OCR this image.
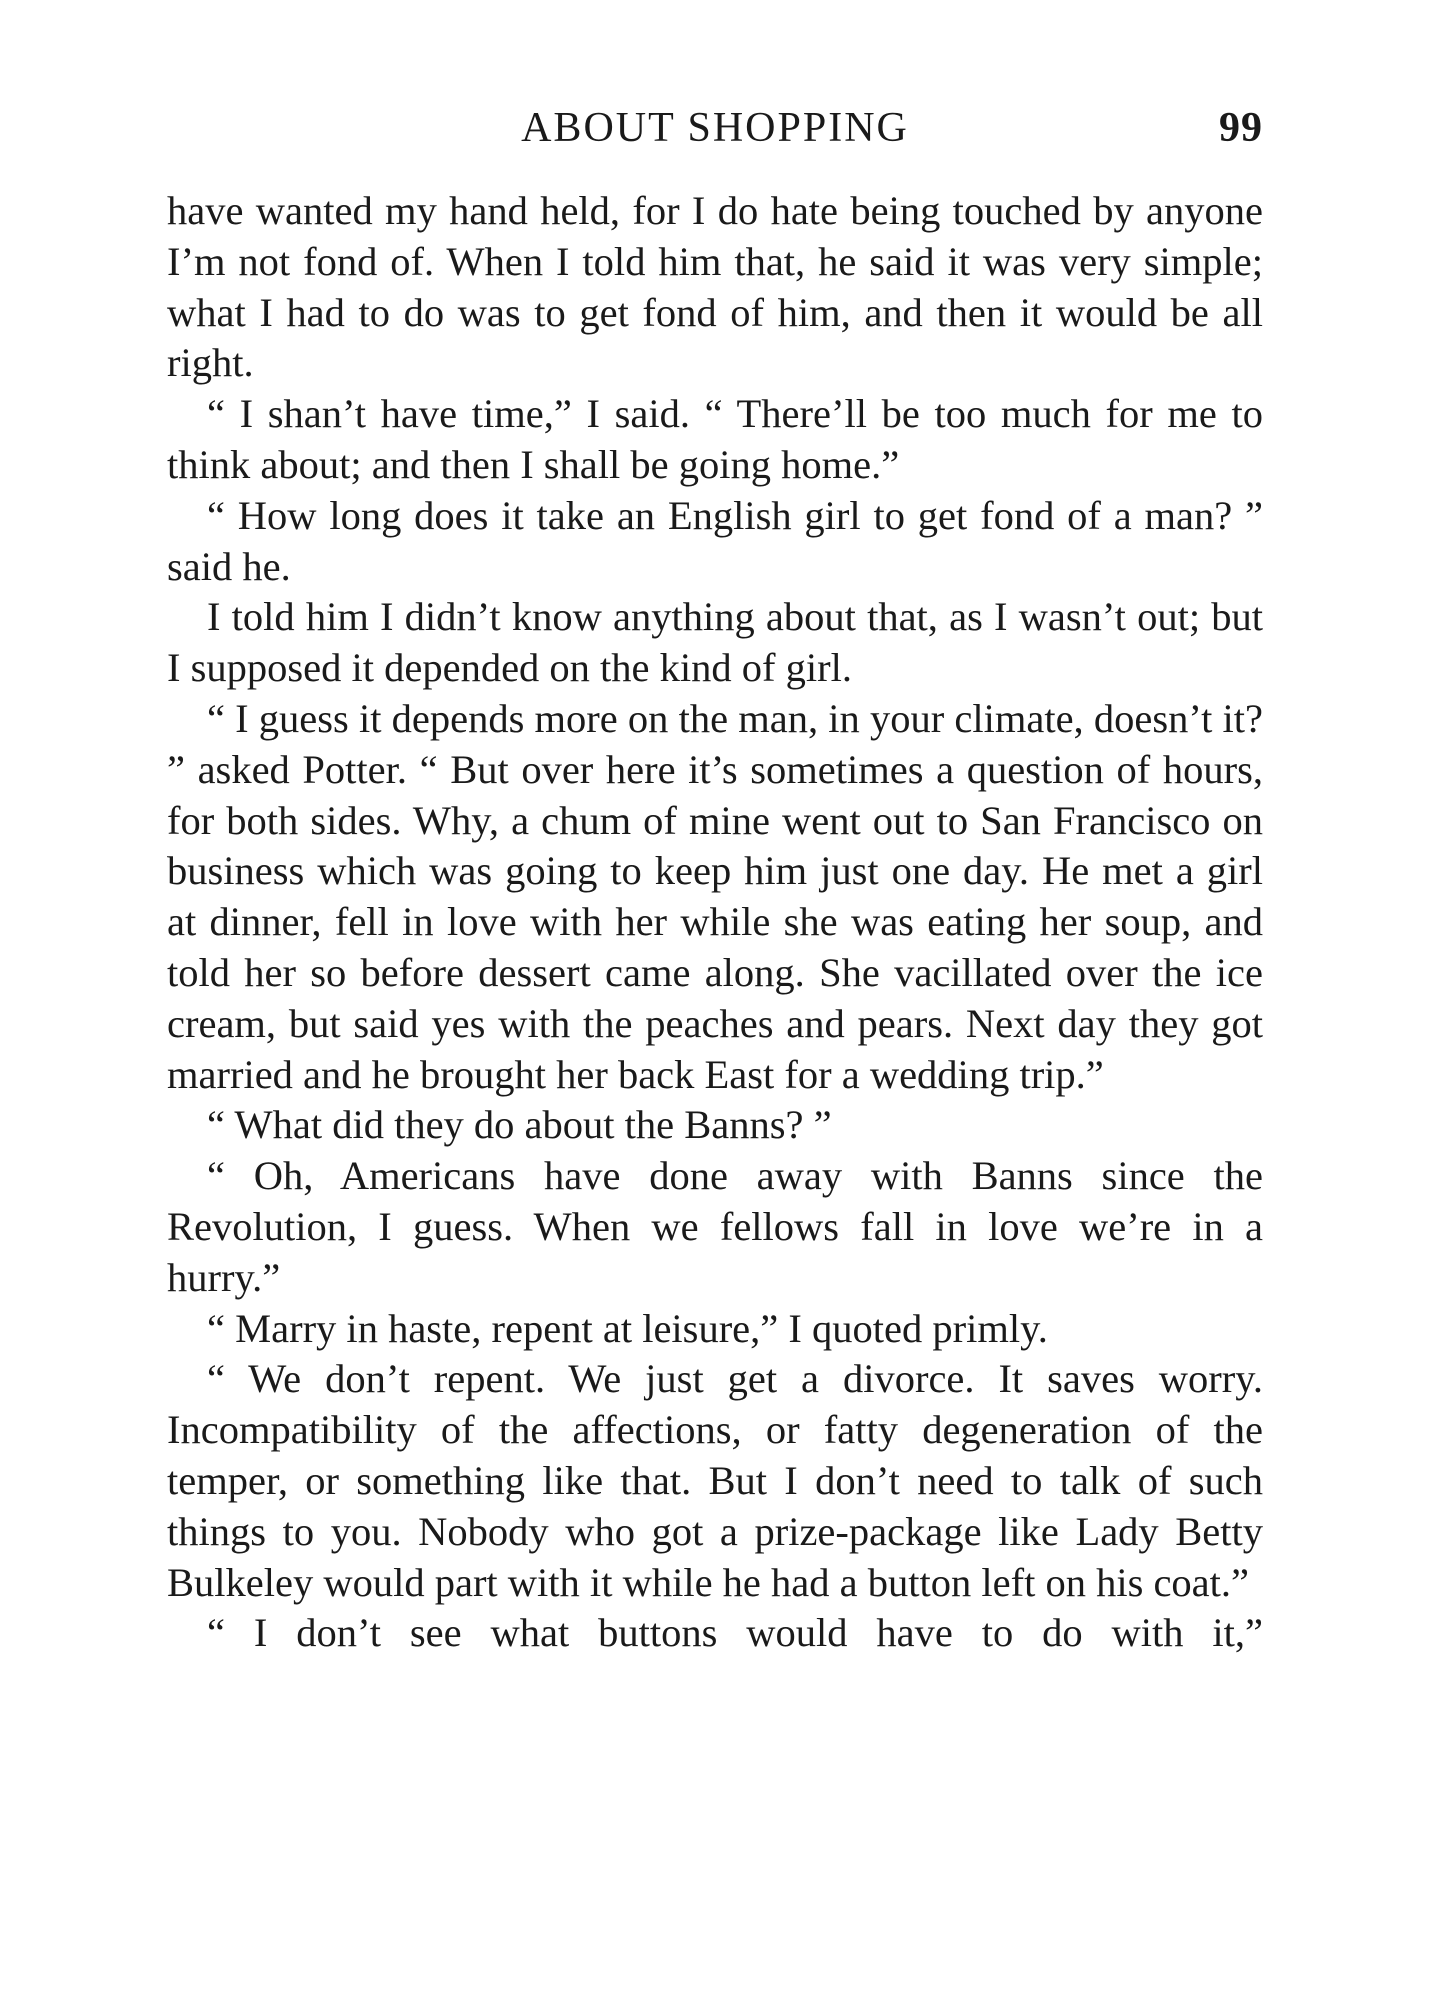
ABOUT SHOPPING	99

have wanted my hand held, for I do hate being touched by anyone I’m not fond of. When I told him that, he said it was very simple; what I had to do was to get fond of him, and then it would be all right.

“ I shan’t have time,” I said. “ There’ll be too much for me to think about; and then I shall be going home.”

“ How long does it take an English girl to get fond of a man? ” said he.

I told him I didn’t know anything about that, as I wasn’t out; but I supposed it depended on the kind of girl.

“ I guess it depends more on the man, in your climate, doesn’t it? ” asked Potter. “ But over here it’s sometimes a question of hours, for both sides. Why, a chum of mine went out to San Francisco on business which was going to keep him just one day. He met a girl at dinner, fell in love with her while she was eating her soup, and told her so before dessert came along. She vacillated over the ice cream, but said yes with the peaches and pears. Next day they got married and he brought her back East for a wedding trip.”

“ What did they do about the Banns? ”

“ Oh, Americans have done away with Banns since the Revolution, I guess. When we fellows fall in love we’re in a hurry.”

“ Marry in haste, repent at leisure,” I quoted primly.

“ We don’t repent. We just get a divorce. It saves worry. Incompatibility of the affections, or fatty degeneration of the temper, or something like that. But I don’t need to talk of such things to you. Nobody who got a prize-package like Lady Betty Bulkeley would part with it while he had a button left on his coat.”

“ I don’t see what buttons would have to do with it,”
